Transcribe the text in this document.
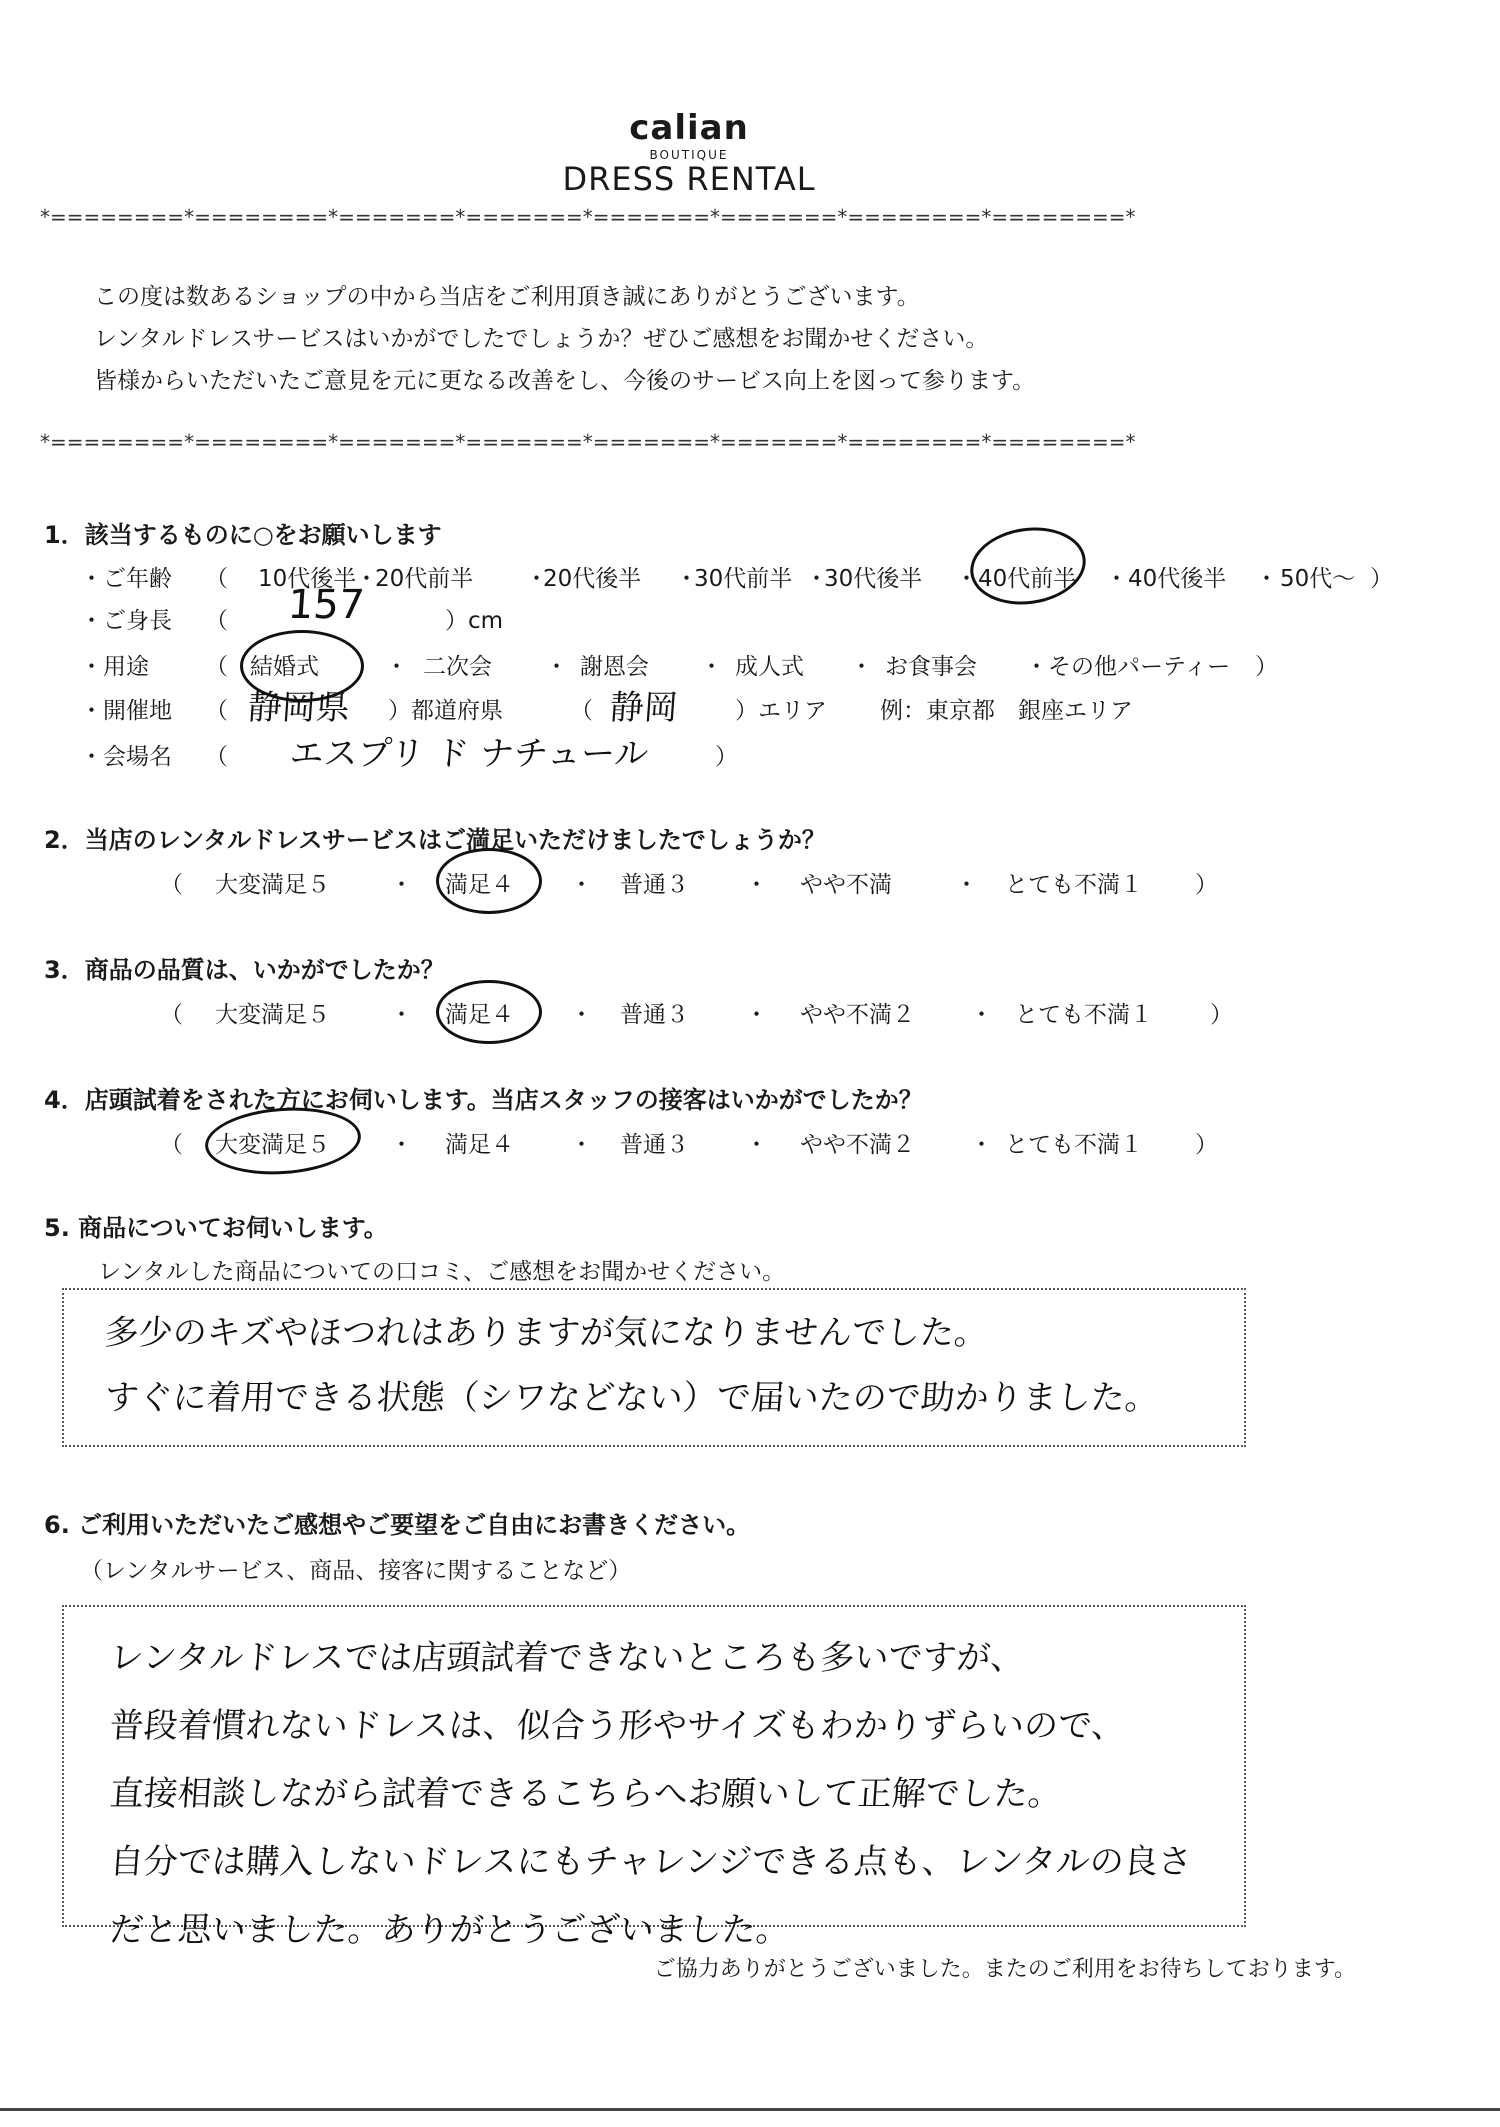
calian
BOUTIQUE
DRESS RENTAL
*========*========*=======*=======*=======*=======*========*========*
この度は数あるショップの中から当店をご利用頂き誠にありがとうございます。
レンタルドレスサービスはいかがでしたでしょうか？ぜひご感想をお聞かせください。
皆様からいただいたご意見を元に更なる改善をし、今後のサービス向上を図って参ります。
*========*========*=======*=======*=======*=======*========*========*
1．該当するものに○をお願いします
・ご年齢 （ 10代後半
・
20代前半 ・
20代後半 ・
30代前半 ・
30代後半 ・ 40代前半 ・ 40代後半 ・ 50代〜 ）
・ご身長 （ 157	）cm
・用途 （ 結婚式	・ 二次会 ・ 謝恩会 ・ 成人式 ・ お食事会 ・その他パーティー ）
・開催地 （ 静岡県 ）都道府県	（ 静岡 ）エリア 例：東京都　銀座エリア
・会場名 （ エスプリ ド ナチュール	）
2．当店のレンタルドレスサービスはご満足いただけましたでしょうか？
（ 大変満足５	・ 満足４ ・ 普通３ ・ やや不満	・ とても不満１ ）
3．商品の品質は、いかがでしたか？
（ 大変満足５	・ 満足４ ・ 普通３ ・ やや不満２ ・ とても不満１ ）
4．店頭試着をされた方にお伺いします。当店スタッフの接客はいかがでしたか？
（ 大変満足５	・ 満足４ ・ 普通３ ・ やや不満２ ・ とても不満１ ）
5. 商品についてお伺いします。
レンタルした商品についての口コミ、ご感想をお聞かせください。
多少のキズやほつれはありますが気になりませんでした。
すぐに着用できる状態（シワなどない）で届いたので助かりました。
6. ご利用いただいたご感想やご要望をご自由にお書きください。
（レンタルサービス、商品、接客に関することなど）
レンタルドレスでは店頭試着できないところも多いですが、
普段着慣れないドレスは、似合う形やサイズもわかりずらいので、
直接相談しながら試着できるこちらへお願いして正解でした。
自分では購入しないドレスにもチャレンジできる点も、レンタルの良さ
だと思いました。ありがとうございました。
ご協力ありがとうございました。またのご利用をお待ちしております。
